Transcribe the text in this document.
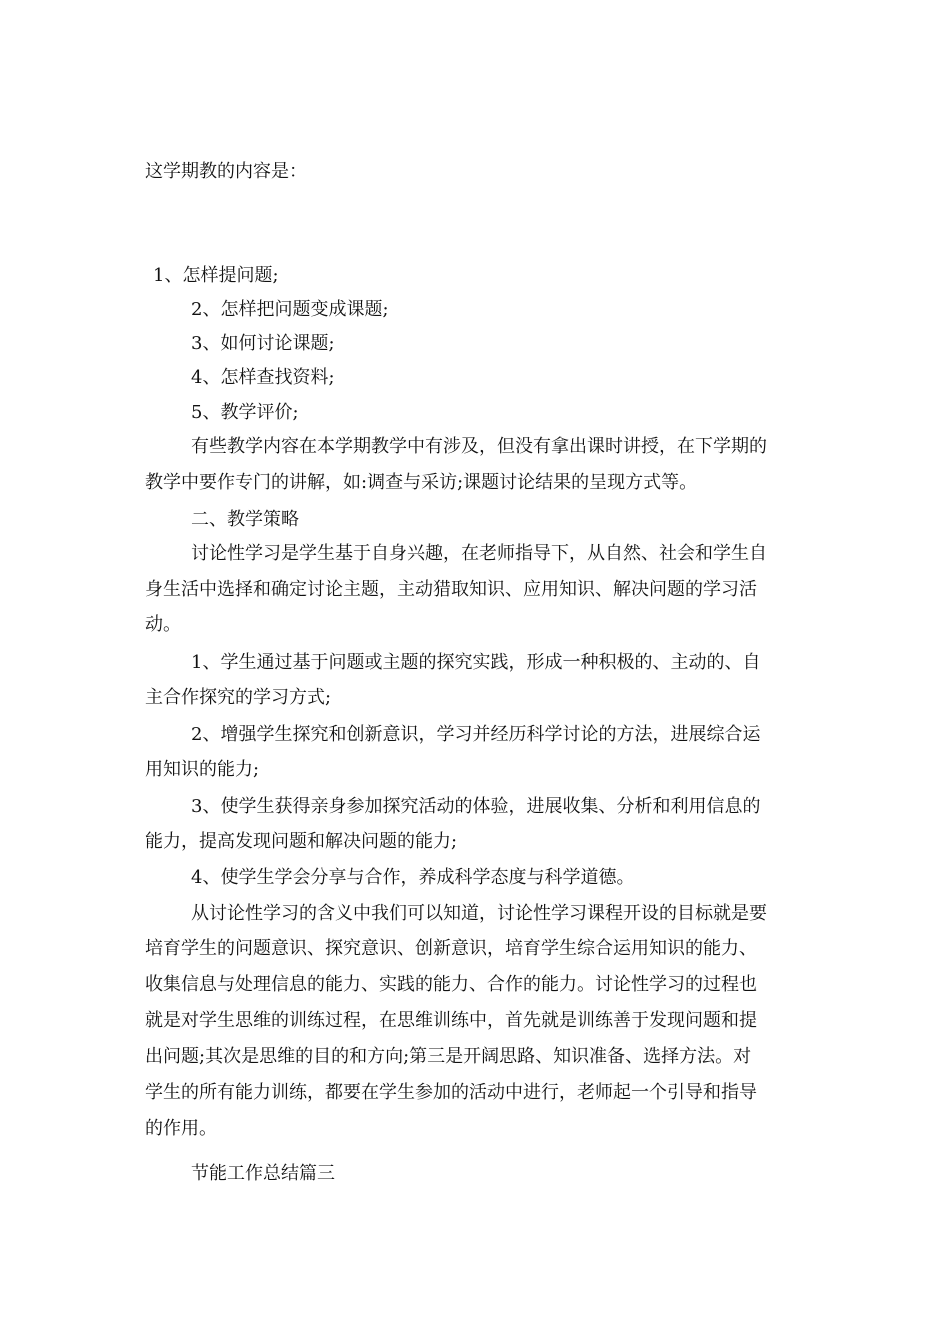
这学期教的内容是：
1、怎样提问题;
2、怎样把问题变成课题;
3、如何讨论课题;
4、怎样查找资料;
5、教学评价;
有些教学内容在本学期教学中有涉及，但没有拿出课时讲授，在下学期的
教学中要作专门的讲解，如:调查与采访;课题讨论结果的呈现方式等。
二、教学策略
讨论性学习是学生基于自身兴趣，在老师指导下，从自然、社会和学生自
身生活中选择和确定讨论主题，主动猎取知识、应用知识、解决问题的学习活
动。
1、学生通过基于问题或主题的探究实践，形成一种积极的、主动的、自
主合作探究的学习方式;
2、增强学生探究和创新意识，学习并经历科学讨论的方法，进展综合运
用知识的能力;
3、使学生获得亲身参加探究活动的体验，进展收集、分析和利用信息的
能力，提高发现问题和解决问题的能力;
4、使学生学会分享与合作，养成科学态度与科学道德。
从讨论性学习的含义中我们可以知道，讨论性学习课程开设的目标就是要
培育学生的问题意识、探究意识、创新意识，培育学生综合运用知识的能力、
收集信息与处理信息的能力、实践的能力、合作的能力。讨论性学习的过程也
就是对学生思维的训练过程，在思维训练中，首先就是训练善于发现问题和提
出问题;其次是思维的目的和方向;第三是开阔思路、知识准备、选择方法。对
学生的所有能力训练，都要在学生参加的活动中进行，老师起一个引导和指导
的作用。
节能工作总结篇三
